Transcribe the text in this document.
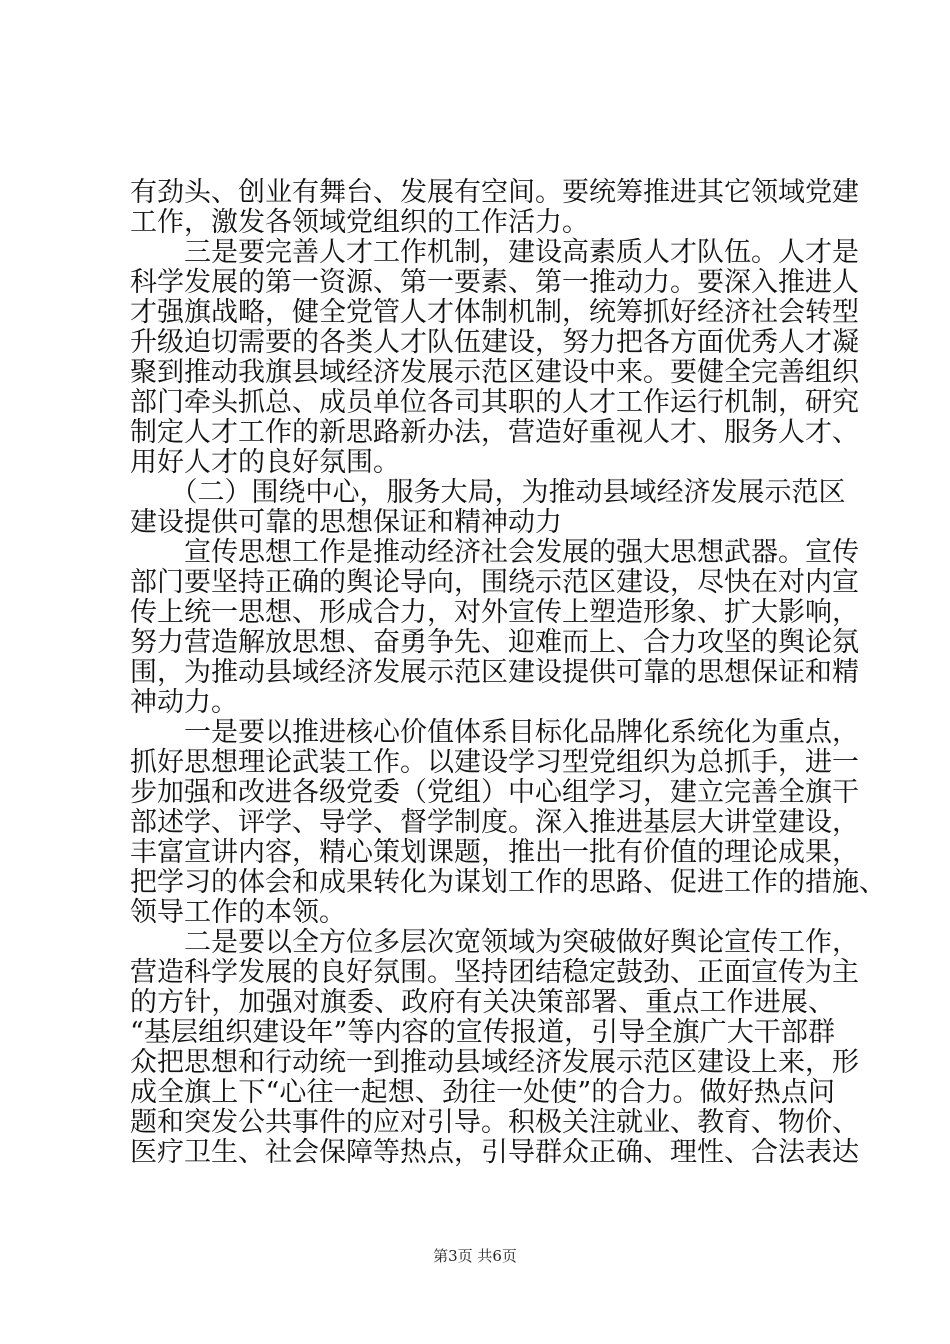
有劲头、创业有舞台、发展有空间。要统筹推进其它领域党建
工作，激发各领域党组织的工作活力。
　　三是要完善人才工作机制，建设高素质人才队伍。人才是
科学发展的第一资源、第一要素、第一推动力。要深入推进人
才强旗战略，健全党管人才体制机制，统筹抓好经济社会转型
升级迫切需要的各类人才队伍建设，努力把各方面优秀人才凝
聚到推动我旗县域经济发展示范区建设中来。要健全完善组织
部门牵头抓总、成员单位各司其职的人才工作运行机制，研究
制定人才工作的新思路新办法，营造好重视人才、服务人才、
用好人才的良好氛围。
　　（二）围绕中心，服务大局，为推动县域经济发展示范区
建设提供可靠的思想保证和精神动力
　　宣传思想工作是推动经济社会发展的强大思想武器。宣传
部门要坚持正确的舆论导向，围绕示范区建设，尽快在对内宣
传上统一思想、形成合力，对外宣传上塑造形象、扩大影响，
努力营造解放思想、奋勇争先、迎难而上、合力攻坚的舆论氛
围，为推动县域经济发展示范区建设提供可靠的思想保证和精
神动力。
　　一是要以推进核心价值体系目标化品牌化系统化为重点，
抓好思想理论武装工作。以建设学习型党组织为总抓手，进一
步加强和改进各级党委（党组）中心组学习，建立完善全旗干
部述学、评学、导学、督学制度。深入推进基层大讲堂建设，
丰富宣讲内容，精心策划课题，推出一批有价值的理论成果，
把学习的体会和成果转化为谋划工作的思路、促进工作的措施、
领导工作的本领。
　　二是要以全方位多层次宽领域为突破做好舆论宣传工作，
营造科学发展的良好氛围。坚持团结稳定鼓劲、正面宣传为主
的方针，加强对旗委、政府有关决策部署、重点工作进展、
“基层组织建设年”等内容的宣传报道，引导全旗广大干部群
众把思想和行动统一到推动县域经济发展示范区建设上来，形
成全旗上下“心往一起想、劲往一处使”的合力。做好热点问
题和突发公共事件的应对引导。积极关注就业、教育、物价、
医疗卫生、社会保障等热点，引导群众正确、理性、合法表达
第3页 共6页
